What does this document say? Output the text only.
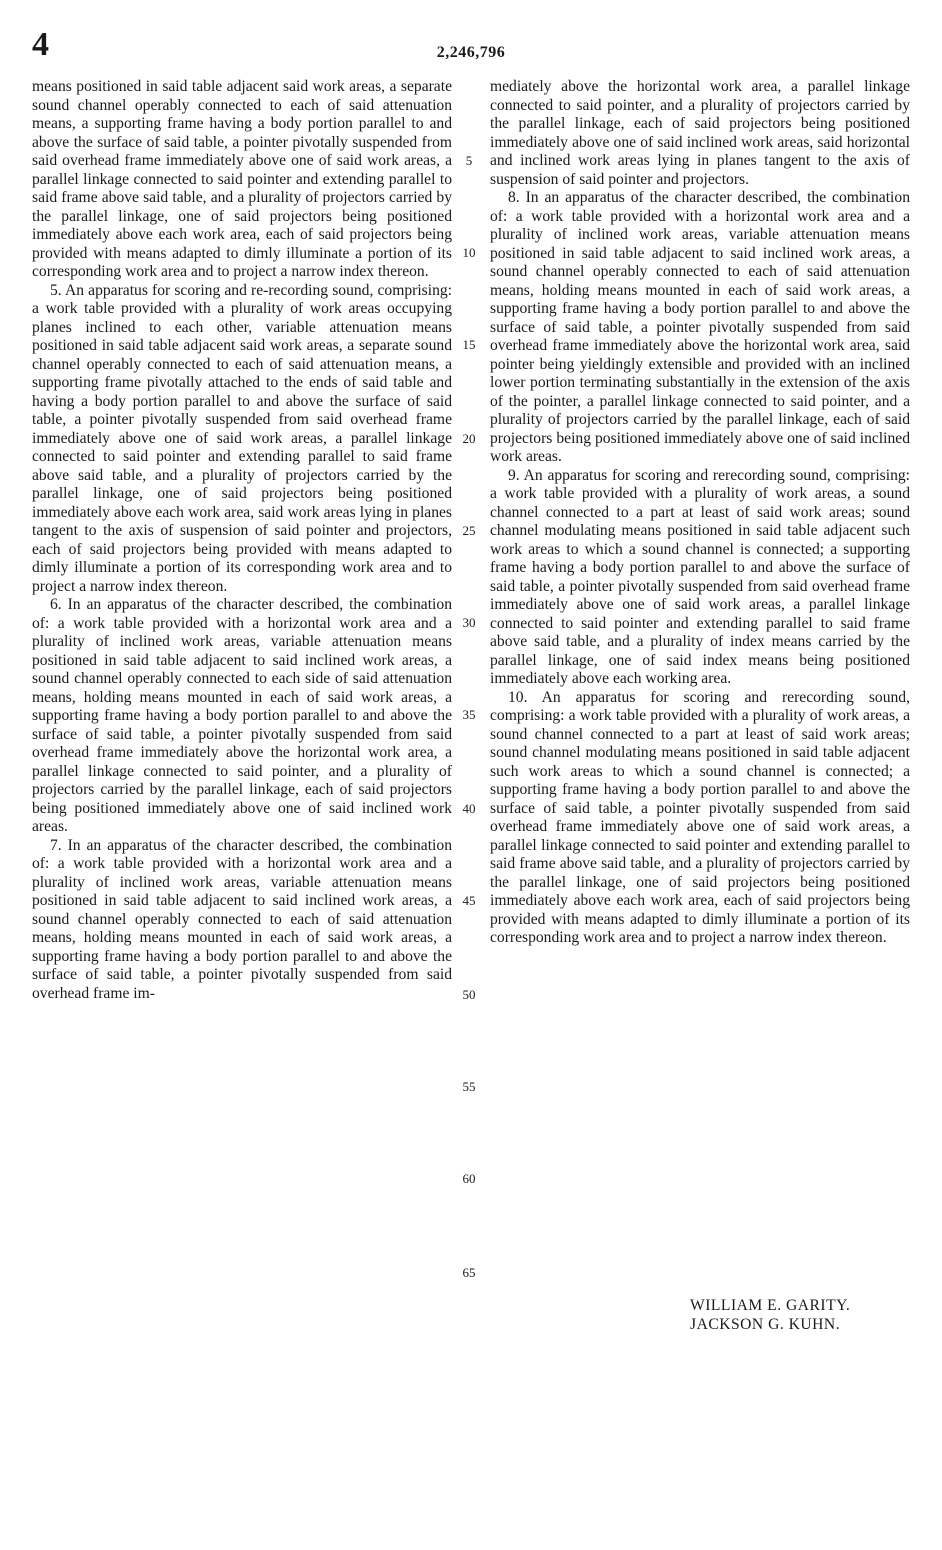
4	2,246,796

means positioned in said table adjacent said work areas, a separate sound channel operably connected to each of said attenuation means, a supporting frame having a body portion parallel to and above the surface of said table, a pointer pivotally suspended from said overhead frame immediately above one of said work areas, a parallel linkage connected to said pointer and extending parallel to said frame above said table, and a plurality of projectors carried by the parallel linkage, one of said projectors being positioned immediately above each work area, each of said projectors being provided with means adapted to dimly illuminate a portion of its corresponding work area and to project a narrow index thereon.

5. An apparatus for scoring and re-recording sound, comprising: a work table provided with a plurality of work areas occupying planes inclined to each other, variable attenuation means positioned in said table adjacent said work areas, a separate sound channel operably connected to each of said attenuation means, a supporting frame pivotally attached to the ends of said table and having a body portion parallel to and above the surface of said table, a pointer pivotally suspended from said overhead frame immediately above one of said work areas, a parallel linkage connected to said pointer and extending parallel to said frame above said table, and a plurality of projectors carried by the parallel linkage, one of said projectors being positioned immediately above each work area, said work areas lying in planes tangent to the axis of suspension of said pointer and projectors, each of said projectors being provided with means adapted to dimly illuminate a portion of its corresponding work area and to project a narrow index thereon.

6. In an apparatus of the character described, the combination of: a work table provided with a horizontal work area and a plurality of inclined work areas, variable attenuation means positioned in said table adjacent to said inclined work areas, a sound channel operably connected to each side of said attenuation means, holding means mounted in each of said work areas, a supporting frame having a body portion parallel to and above the surface of said table, a pointer pivotally suspended from said overhead frame immediately above the horizontal work area, a parallel linkage connected to said pointer, and a plurality of projectors carried by the parallel linkage, each of said projectors being positioned immediately above one of said inclined work areas.

7. In an apparatus of the character described, the combination of: a work table provided with a horizontal work area and a plurality of inclined work areas, variable attenuation means positioned in said table adjacent to said inclined work areas, a sound channel operably connected to each of said attenuation means, holding means mounted in each of said work areas, a supporting frame having a body portion parallel to and above the surface of said table, a pointer pivotally suspended from said overhead frame im-

5
10
15
20
25
30
35
40
45
50
55
60
65

mediately above the horizontal work area, a parallel linkage connected to said pointer, and a plurality of projectors carried by the parallel linkage, each of said projectors being positioned immediately above one of said inclined work areas, said horizontal and inclined work areas lying in planes tangent to the axis of suspension of said pointer and projectors.

8. In an apparatus of the character described, the combination of: a work table provided with a horizontal work area and a plurality of inclined work areas, variable attenuation means positioned in said table adjacent to said inclined work areas, a sound channel operably connected to each of said attenuation means, holding means mounted in each of said work areas, a supporting frame having a body portion parallel to and above the surface of said table, a pointer pivotally suspended from said overhead frame immediately above the horizontal work area, said pointer being yieldingly extensible and provided with an inclined lower portion terminating substantially in the extension of the axis of the pointer, a parallel linkage connected to said pointer, and a plurality of projectors carried by the parallel linkage, each of said projectors being positioned immediately above one of said inclined work areas.

9. An apparatus for scoring and rerecording sound, comprising: a work table provided with a plurality of work areas, a sound channel connected to a part at least of said work areas; sound channel modulating means positioned in said table adjacent such work areas to which a sound channel is connected; a supporting frame having a body portion parallel to and above the surface of said table, a pointer pivotally suspended from said overhead frame immediately above one of said work areas, a parallel linkage connected to said pointer and extending parallel to said frame above said table, and a plurality of index means carried by the parallel linkage, one of said index means being positioned immediately above each working area.

10. An apparatus for scoring and rerecording sound, comprising: a work table provided with a plurality of work areas, a sound channel connected to a part at least of said work areas; sound channel modulating means positioned in said table adjacent such work areas to which a sound channel is connected; a supporting frame having a body portion parallel to and above the surface of said table, a pointer pivotally suspended from said overhead frame immediately above one of said work areas, a parallel linkage connected to said pointer and extending parallel to said frame above said table, and a plurality of projectors carried by the parallel linkage, one of said projectors being positioned immediately above each work area, each of said projectors being provided with means adapted to dimly illuminate a portion of its corresponding work area and to project a narrow index thereon.

WILLIAM E. GARITY.
JACKSON G. KUHN.
